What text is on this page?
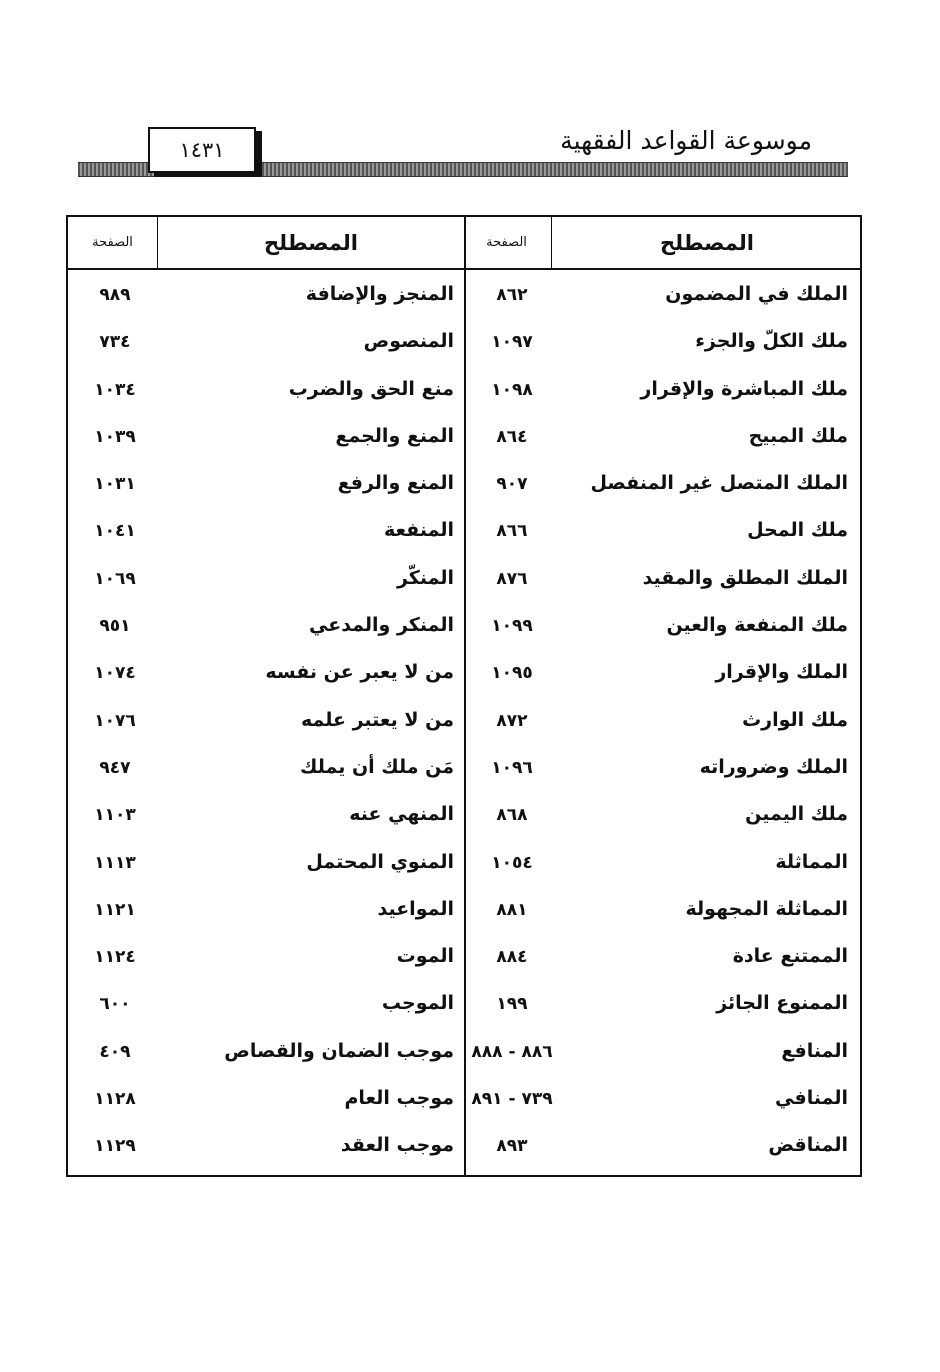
موسوعة القواعد الفقهية
١٤٣١
المصطلح
الصفحة
الملك في المضمون
٨٦٢
ملك الكلّ والجزء
١٠٩٧
ملك المباشرة والإقرار
١٠٩٨
ملك المبيح
٨٦٤
الملك المتصل غير المنفصل
٩٠٧
ملك المحل
٨٦٦
الملك المطلق والمقيد
٨٧٦
ملك المنفعة والعين
١٠٩٩
الملك والإقرار
١٠٩٥
ملك الوارث
٨٧٢
الملك وضروراته
١٠٩٦
ملك اليمين
٨٦٨
المماثلة
١٠٥٤
المماثلة المجهولة
٨٨١
الممتنع عادة
٨٨٤
الممنوع الجائز
١٩٩
المنافع
٨٨٦ - ٨٨٨
المنافي
٧٣٩ - ٨٩١
المناقض
٨٩٣
المصطلح
الصفحة
المنجز والإضافة
٩٨٩
المنصوص
٧٣٤
منع الحق والضرب
١٠٣٤
المنع والجمع
١٠٣٩
المنع والرفع
١٠٣١
المنفعة
١٠٤١
المنكّر
١٠٦٩
المنكر والمدعي
٩٥١
من لا يعبر عن نفسه
١٠٧٤
من لا يعتبر علمه
١٠٧٦
مَن ملك أن يملك
٩٤٧
المنهي عنه
١١٠٣
المنوي المحتمل
١١١٣
المواعيد
١١٢١
الموت
١١٢٤
الموجب
٦٠٠
موجب الضمان والقصاص
٤٠٩
موجب العام
١١٢٨
موجب العقد
١١٢٩
